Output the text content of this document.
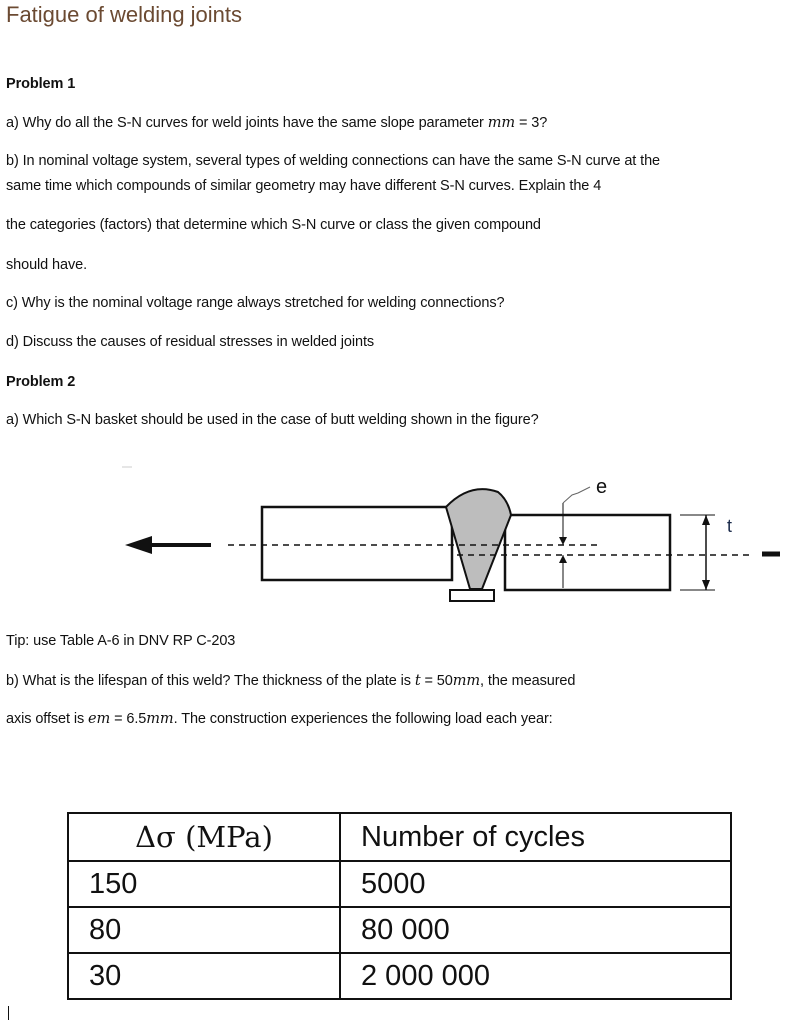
Fatigue of welding joints
Problem 1
a) Why do all the S-N curves for weld joints have the same slope parameter mm = 3?
b) In nominal voltage system, several types of welding connections can have the same S-N curve at the
same time which compounds of similar geometry may have different S-N curves. Explain the 4
the categories (factors) that determine which S-N curve or class the given compound
should have.
c) Why is the nominal voltage range always stretched for welding connections?
d) Discuss the causes of residual stresses in welded joints
Problem 2
a) Which S-N basket should be used in the case of butt welding shown in the figure?
e
t
Tip: use Table A-6 in DNV RP C-203
b) What is the lifespan of this weld? The thickness of the plate is t = 50mm, the measured
axis offset is em = 6.5mm. The construction experiences the following load each year:
Δσ (MPa)	Number of cycles
150	5000
80	80 000
30	2 000 000
